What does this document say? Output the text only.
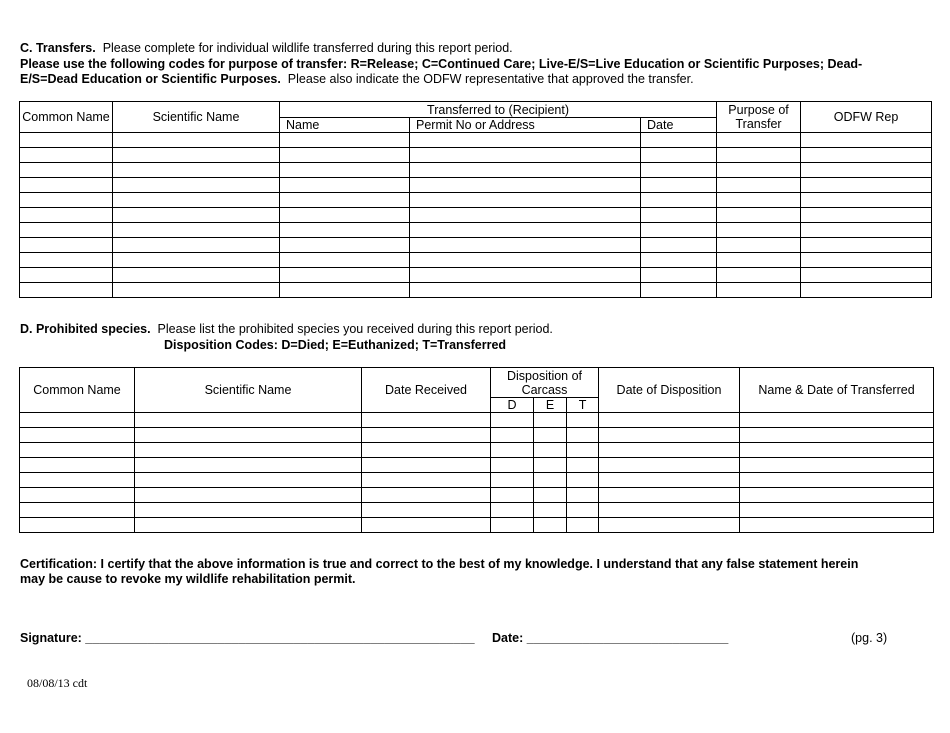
C. Transfers. Please complete for individual wildlife transferred during this report period.
Please use the following codes for purpose of transfer: R=Release; C=Continued Care; Live-E/S=Live Education or Scientific Purposes; Dead-
E/S=Dead Education or Scientific Purposes. Please also indicate the ODFW representative that approved the transfer.
Common Name	Scientific Name	Transferred to (Recipient)			Purpose of Transfer	ODFW Rep
		Name	Permit No or Address	Date		

D. Prohibited species. Please list the prohibited species you received during this report period.
Disposition Codes: D=Died; E=Euthanized; T=Transferred
Common Name	Scientific Name	Date Received	Disposition of Carcass			Date of Disposition	Name & Date of Transferred
			D	E	T		

Certification: I certify that the above information is true and correct to the best of my knowledge. I understand that any false statement herein
may be cause to revoke my wildlife rehabilitation permit.
Signature: ________________________________________________________ Date: _____________________________	(pg. 3)
08/08/13 cdt
